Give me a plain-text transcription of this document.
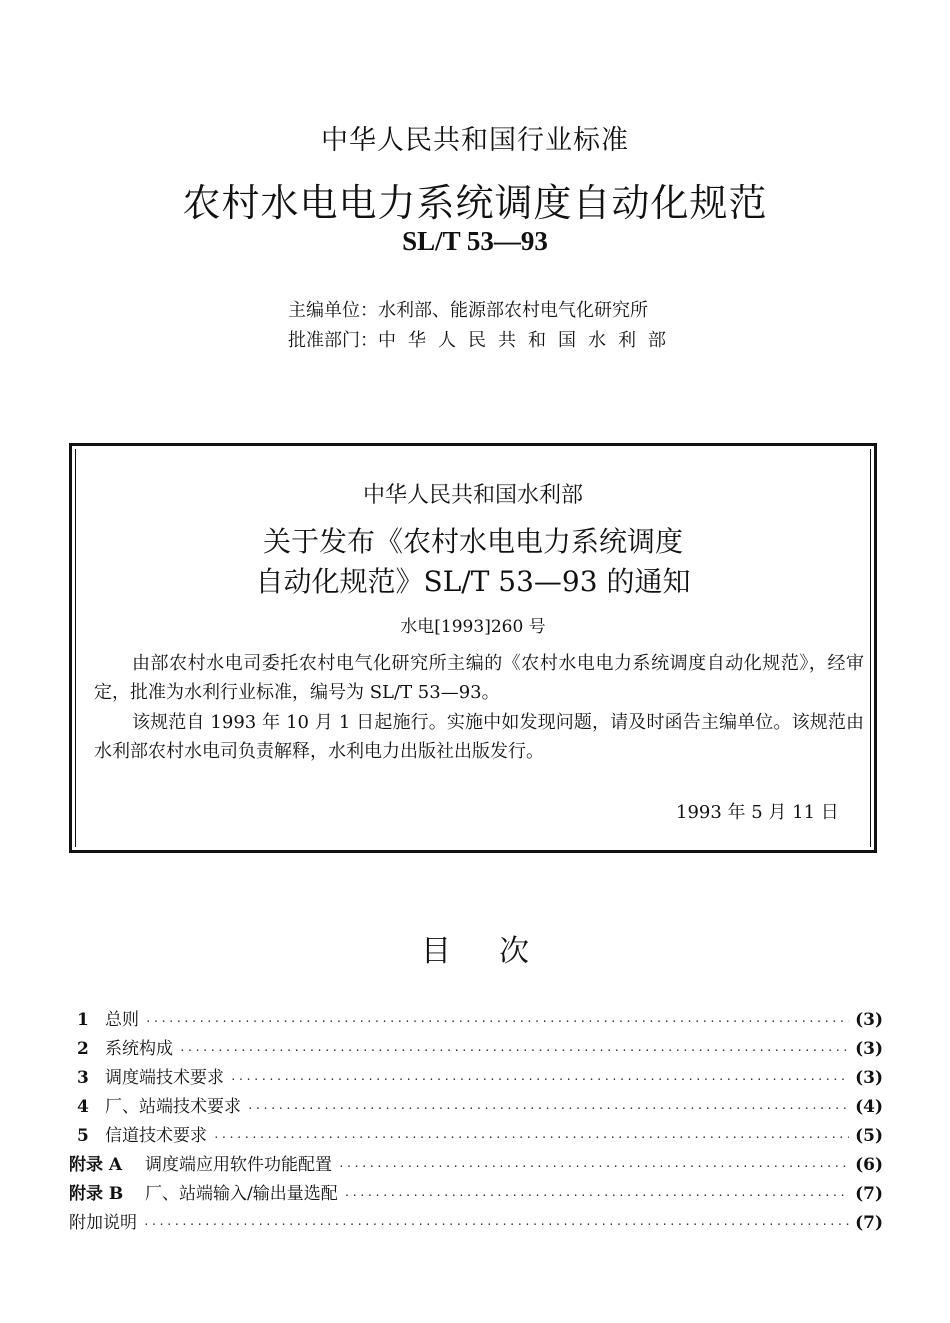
中华人民共和国行业标准
农村水电电力系统调度自动化规范
SL/T 53—93
主编单位：水利部、能源部农村电气化研究所
批准部门：中华人民共和国水利部
中华人民共和国水利部
关于发布《农村水电电力系统调度
自动化规范》SL/T 53—93 的通知
水电[1993]260 号
由部农村水电司委托农村电气化研究所主编的《农村水电电力系统调度自动化规范》，经审定，批准为水利行业标准，编号为 SL/T 53—93。
该规范自 1993 年 10 月 1 日起施行。实施中如发现问题，请及时函告主编单位。该规范由水利部农村水电司负责解释，水利电力出版社出版发行。
1993 年 5 月 11 日
目次
1 总则 ·····	(3)
2 系统构成 ·····	(3)
3 调度端技术要求 ·····	(3)
4 厂、站端技术要求 ·····	(4)
5 信道技术要求 ·····	(5)
附录 A	调度端应用软件功能配置 ·····	(6)
附录 B	厂、站端输入/输出量选配 ·····	(7)
附加说明 ·····	(7)
